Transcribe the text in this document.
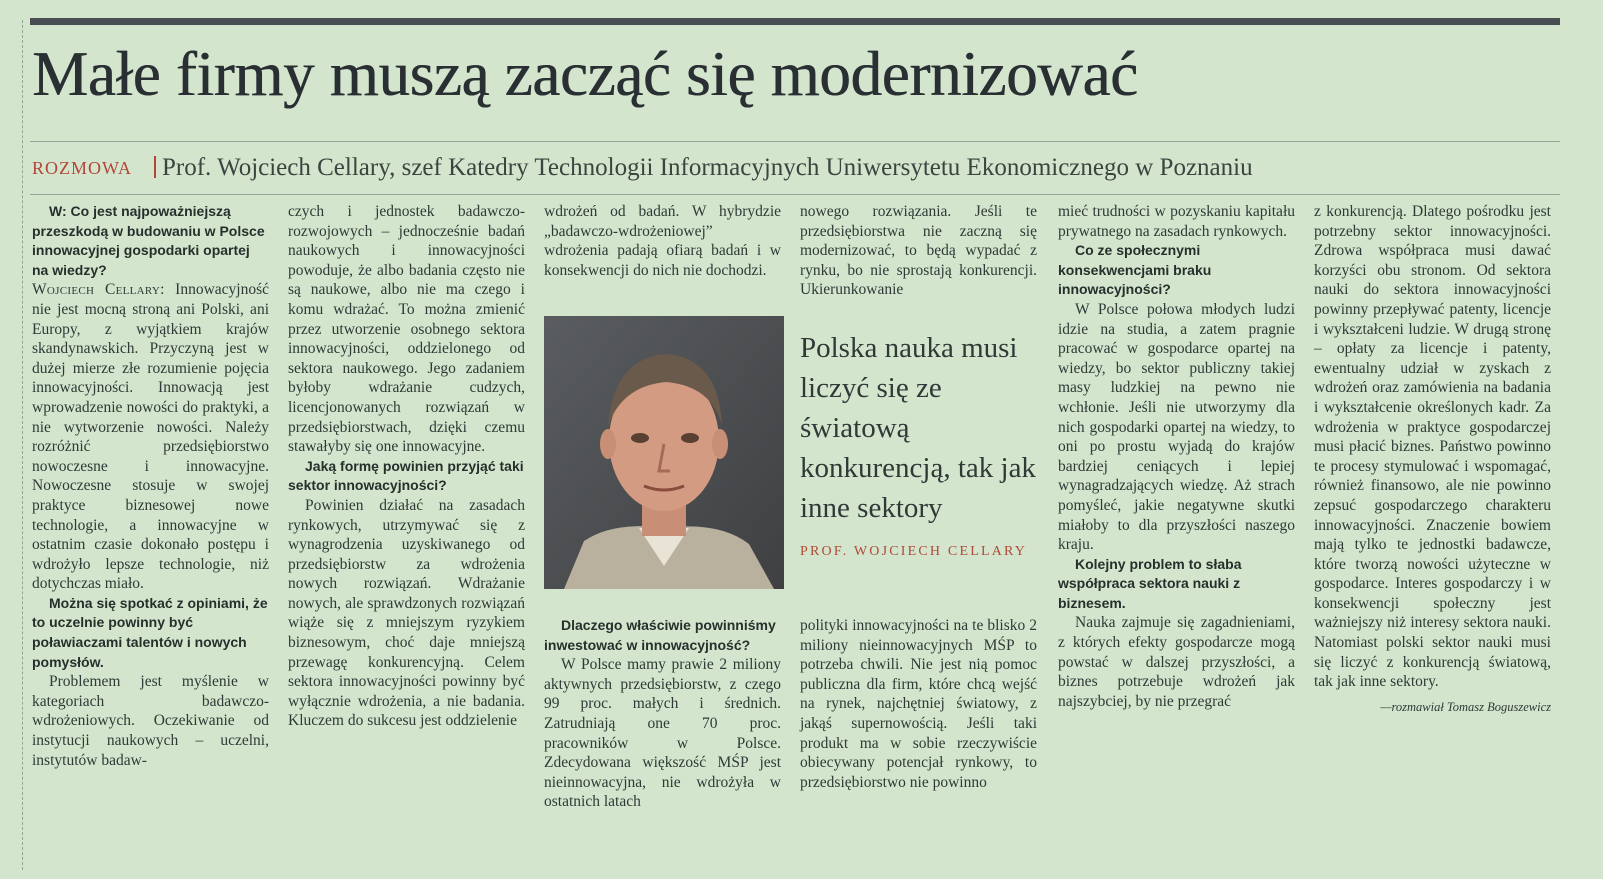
Małe firmy muszą zacząć się modernizować
ROZMOWA Prof. Wojciech Cellary, szef Katedry Technologii Informacyjnych Uniwersytetu Ekonomicznego w Poznaniu

W: Co jest najpoważniejszą przeszkodą w budowaniu w Polsce innowacyjnej gospodarki opartej na wiedzy?

Wojciech Cellary: Innowacyjność nie jest mocną stroną ani Polski, ani Europy, z wyjątkiem krajów skandynawskich. Przyczyną jest w dużej mierze złe rozumienie pojęcia innowacyjności. Innowacją jest wprowadzenie nowości do praktyki, a nie wytworzenie nowości. Należy rozróżnić przedsiębiorstwo nowoczesne i innowacyjne. Nowoczesne stosuje w swojej praktyce biznesowej nowe technologie, a innowacyjne w ostatnim czasie dokonało postępu i wdrożyło lepsze technologie, niż dotychczas miało.

Można się spotkać z opiniami, że to uczelnie powinny być poławiaczami talentów i nowych pomysłów.

Problemem jest myślenie w kategoriach badawczo-wdrożeniowych. Oczekiwanie od instytucji naukowych – uczelni, instytutów badaw-

czych i jednostek badawczo-rozwojowych – jednocześnie badań naukowych i innowacyjności powoduje, że albo badania często nie są naukowe, albo nie ma czego i komu wdrażać. To można zmienić przez utworzenie osobnego sektora innowacyjności, oddzielonego od sektora naukowego. Jego zadaniem byłoby wdrażanie cudzych, licencjonowanych rozwiązań w przedsiębiorstwach, dzięki czemu stawałyby się one innowacyjne.

Jaką formę powinien przyjąć taki sektor innowacyjności?

Powinien działać na zasadach rynkowych, utrzymywać się z wynagrodzenia uzyskiwanego od przedsiębiorstw za wdrożenia nowych rozwiązań. Wdrażanie nowych, ale sprawdzonych rozwiązań wiąże się z mniejszym ryzykiem biznesowym, choć daje mniejszą przewagę konkurencyjną. Celem sektora innowacyjności powinny być wyłącznie wdrożenia, a nie badania. Kluczem do sukcesu jest oddzielenie

wdrożeń od badań. W hybrydzie „badawczo-wdrożeniowej” wdrożenia padają ofiarą badań i w konsekwencji do nich nie dochodzi.

Dlaczego właściwie powinniśmy inwestować w innowacyjność?

W Polsce mamy prawie 2 miliony aktywnych przedsiębiorstw, z czego 99 proc. małych i średnich. Zatrudniają one 70 proc. pracowników w Polsce. Zdecydowana większość MŚP jest nieinnowacyjna, nie wdrożyła w ostatnich latach

nowego rozwiązania. Jeśli te przedsiębiorstwa nie zaczną się modernizować, to będą wypadać z rynku, bo nie sprostają konkurencji. Ukierunkowanie

Polska nauka musi liczyć się ze światową konkurencją, tak jak inne sektory
PROF. WOJCIECH CELLARY

polityki innowacyjności na te blisko 2 miliony nieinnowacyjnych MŚP to potrzeba chwili. Nie jest nią pomoc publiczna dla firm, które chcą wejść na rynek, najchętniej światowy, z jakąś supernowością. Jeśli taki produkt ma w sobie rzeczywiście obiecywany potencjał rynkowy, to przedsiębiorstwo nie powinno

mieć trudności w pozyskaniu kapitału prywatnego na zasadach rynkowych.

Co ze społecznymi konsekwencjami braku innowacyjności?

W Polsce połowa młodych ludzi idzie na studia, a zatem pragnie pracować w gospodarce opartej na wiedzy, bo sektor publiczny takiej masy ludzkiej na pewno nie wchłonie. Jeśli nie utworzymy dla nich gospodarki opartej na wiedzy, to oni po prostu wyjadą do krajów bardziej ceniących i lepiej wynagradzających wiedzę. Aż strach pomyśleć, jakie negatywne skutki miałoby to dla przyszłości naszego kraju.

Kolejny problem to słaba współpraca sektora nauki z biznesem.

Nauka zajmuje się zagadnieniami, z których efekty gospodarcze mogą powstać w dalszej przyszłości, a biznes potrzebuje wdrożeń jak najszybciej, by nie przegrać

z konkurencją. Dlatego pośrodku jest potrzebny sektor innowacyjności. Zdrowa współpraca musi dawać korzyści obu stronom. Od sektora nauki do sektora innowacyjności powinny przepływać patenty, licencje i wykształceni ludzie. W drugą stronę – opłaty za licencje i patenty, ewentualny udział w zyskach z wdrożeń oraz zamówienia na badania i wykształcenie określonych kadr. Za wdrożenia w praktyce gospodarczej musi płacić biznes. Państwo powinno te procesy stymulować i wspomagać, również finansowo, ale nie powinno zepsuć gospodarczego charakteru innowacyjności. Znaczenie bowiem mają tylko te jednostki badawcze, które tworzą nowości użyteczne w gospodarce. Interes gospodarczy i w konsekwencji społeczny jest ważniejszy niż interesy sektora nauki. Natomiast polski sektor nauki musi się liczyć z konkurencją światową, tak jak inne sektory.

—rozmawiał Tomasz Boguszewicz
